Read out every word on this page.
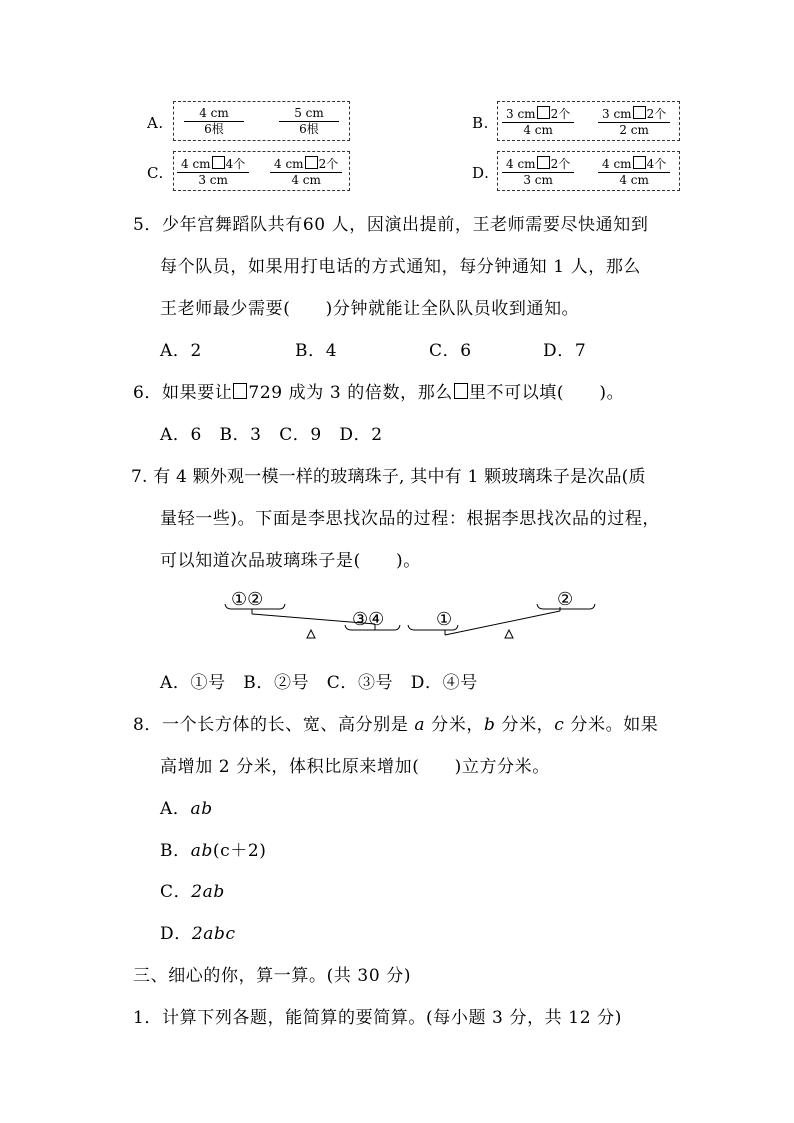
A. $\frac{4 cm}{\text{6根}}$	$\frac{5 cm}{\text{6根}}$	B. $\frac{\text{3 cm 2个}}{4 cm} \frac{\text{3 cm 2个}}{2 cm}$
C. $\frac{\text{4 cm 4个}}{3 cm} \frac{\text{4 cm 2个}}{4 cm}$	D. $\frac{\text{4 cm 2个}}{3 cm} \frac{\text{4 cm 4个}}{4 cm}$
5．少年宫舞蹈队共有60 人，因演出提前，王老师需要尽快通知到
每个队员，如果用打电话的方式通知，每分钟通知 1 人，那么
王老师最少需要(　　)分钟就能让全队队员收到通知。
A．2	B．4	C．6	D．7
6．如果要让 729 成为 3 的倍数，那么 里不可以填(　　)。
A．6　B．3　C．9　D．2
7. 有 4 颗外观一模一样的玻璃珠子, 其中有 1 颗玻璃珠子是次品(质
量轻一些)。下面是李思找次品的过程：根据李思找次品的过程，
可以知道次品玻璃珠子是(　　)。
①②
③④	①
②
A．①号　B．②号　C．③号　D．④号
8．一个长方体的长、宽、高分别是 a 分米，b 分米，c 分米。如果
高增加 2 分米，体积比原来增加(　　)立方分米。
A．ab
B．ab(c＋2)
C．2ab
D．2abc
三、细心的你，算一算。(共 30 分)
1．计算下列各题，能简算的要简算。(每小题 3 分，共 12 分)
